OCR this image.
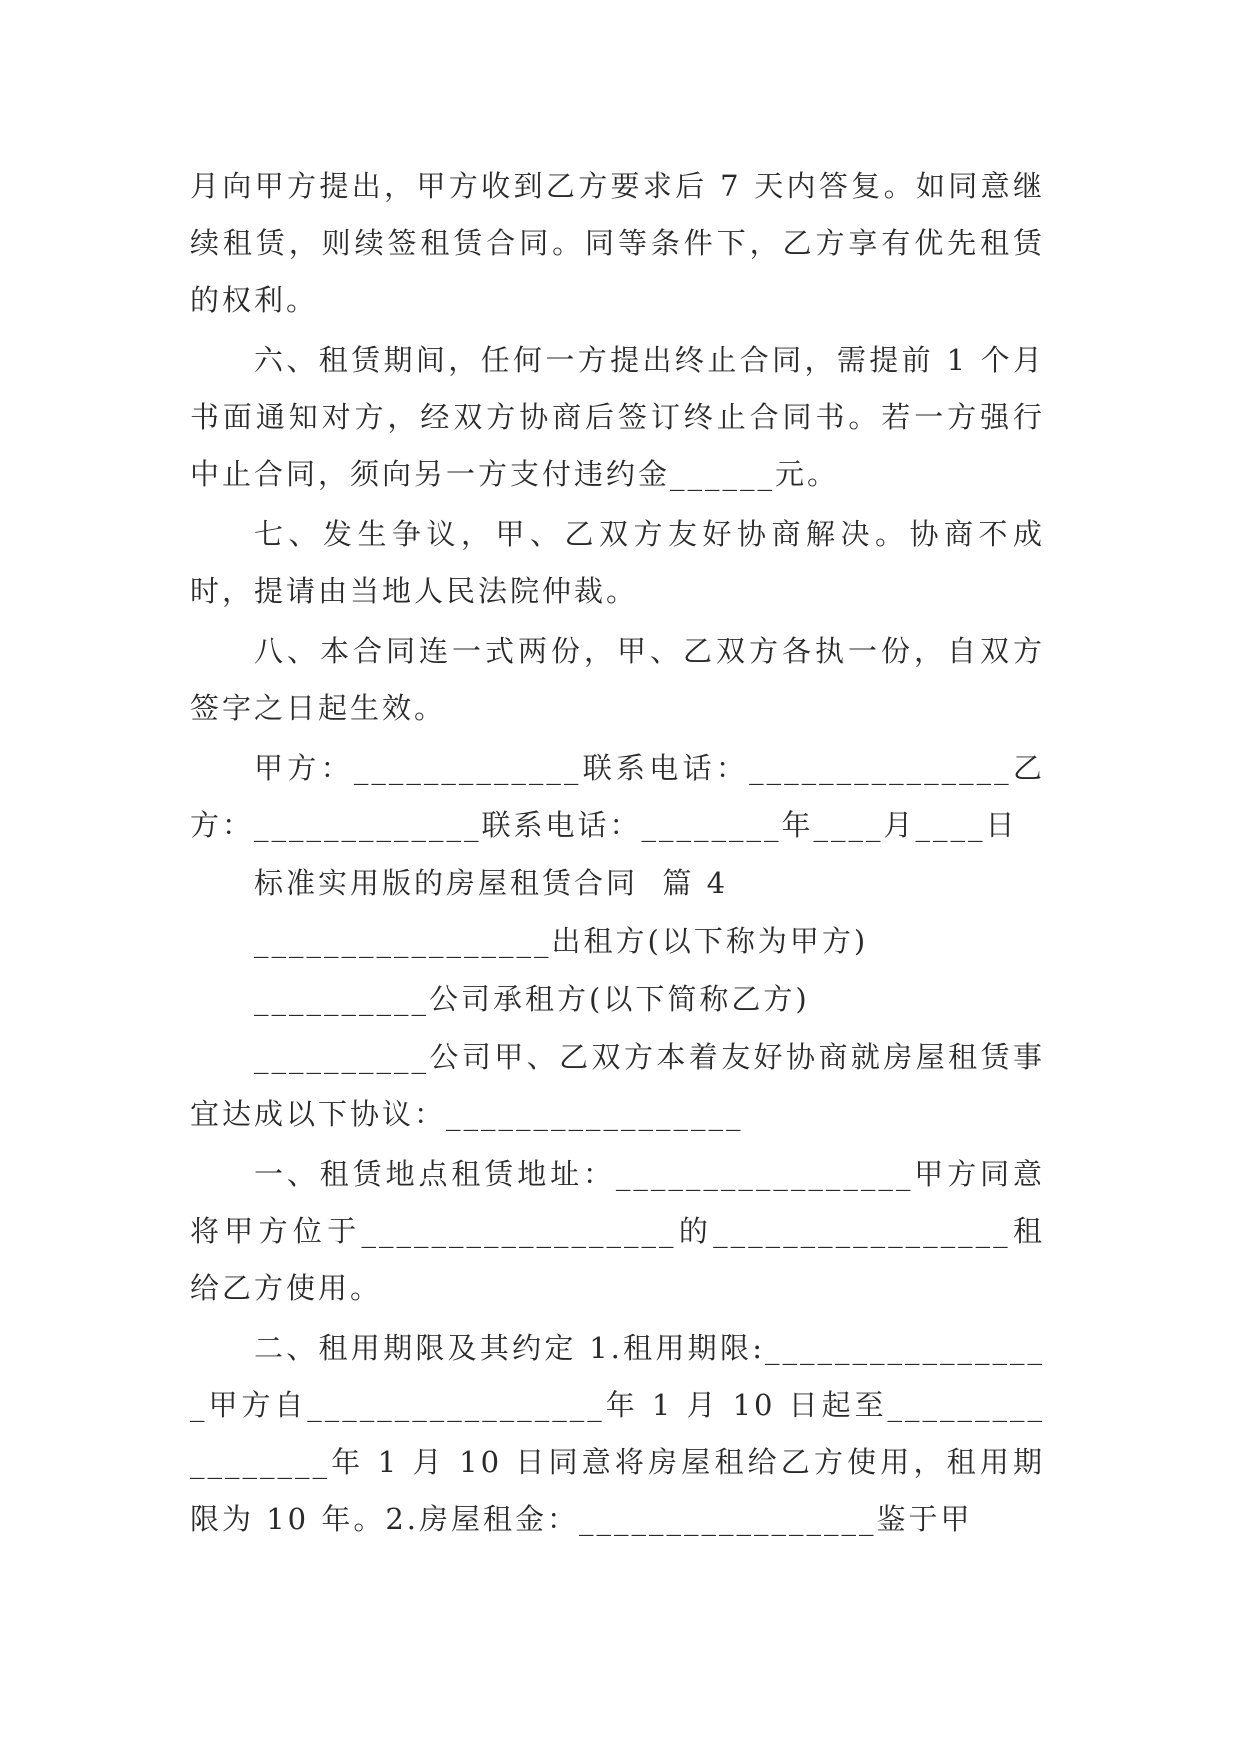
月向甲方提出，甲方收到乙方要求后 7 天内答复。如同意继续租赁，则续签租赁合同。同等条件下，乙方享有优先租赁的权利。

六、租赁期间，任何一方提出终止合同，需提前 1 个月书面通知对方，经双方协商后签订终止合同书。若一方强行中止合同，须向另一方支付违约金______元。

七、发生争议，甲、乙双方友好协商解决。协商不成时，提请由当地人民法院仲裁。

八、本合同连一式两份，甲、乙双方各执一份，自双方签字之日起生效。

甲方：_____________联系电话：_______________乙方：_____________联系电话：________年____月____日

标准实用版的房屋租赁合同  篇 4

_________________出租方(以下称为甲方)

__________公司承租方(以下简称乙方)

__________公司甲、乙双方本着友好协商就房屋租赁事宜达成以下协议：_________________

一、租赁地点租赁地址：_________________甲方同意将甲方位于__________________的_________________租给乙方使用。

二、租用期限及其约定 1.租用期限:_________________甲方自_________________年 1 月 10 日起至_________________年 1 月 10 日同意将房屋租给乙方使用，租用期限为 10 年。2.房屋租金：_________________鉴于甲
